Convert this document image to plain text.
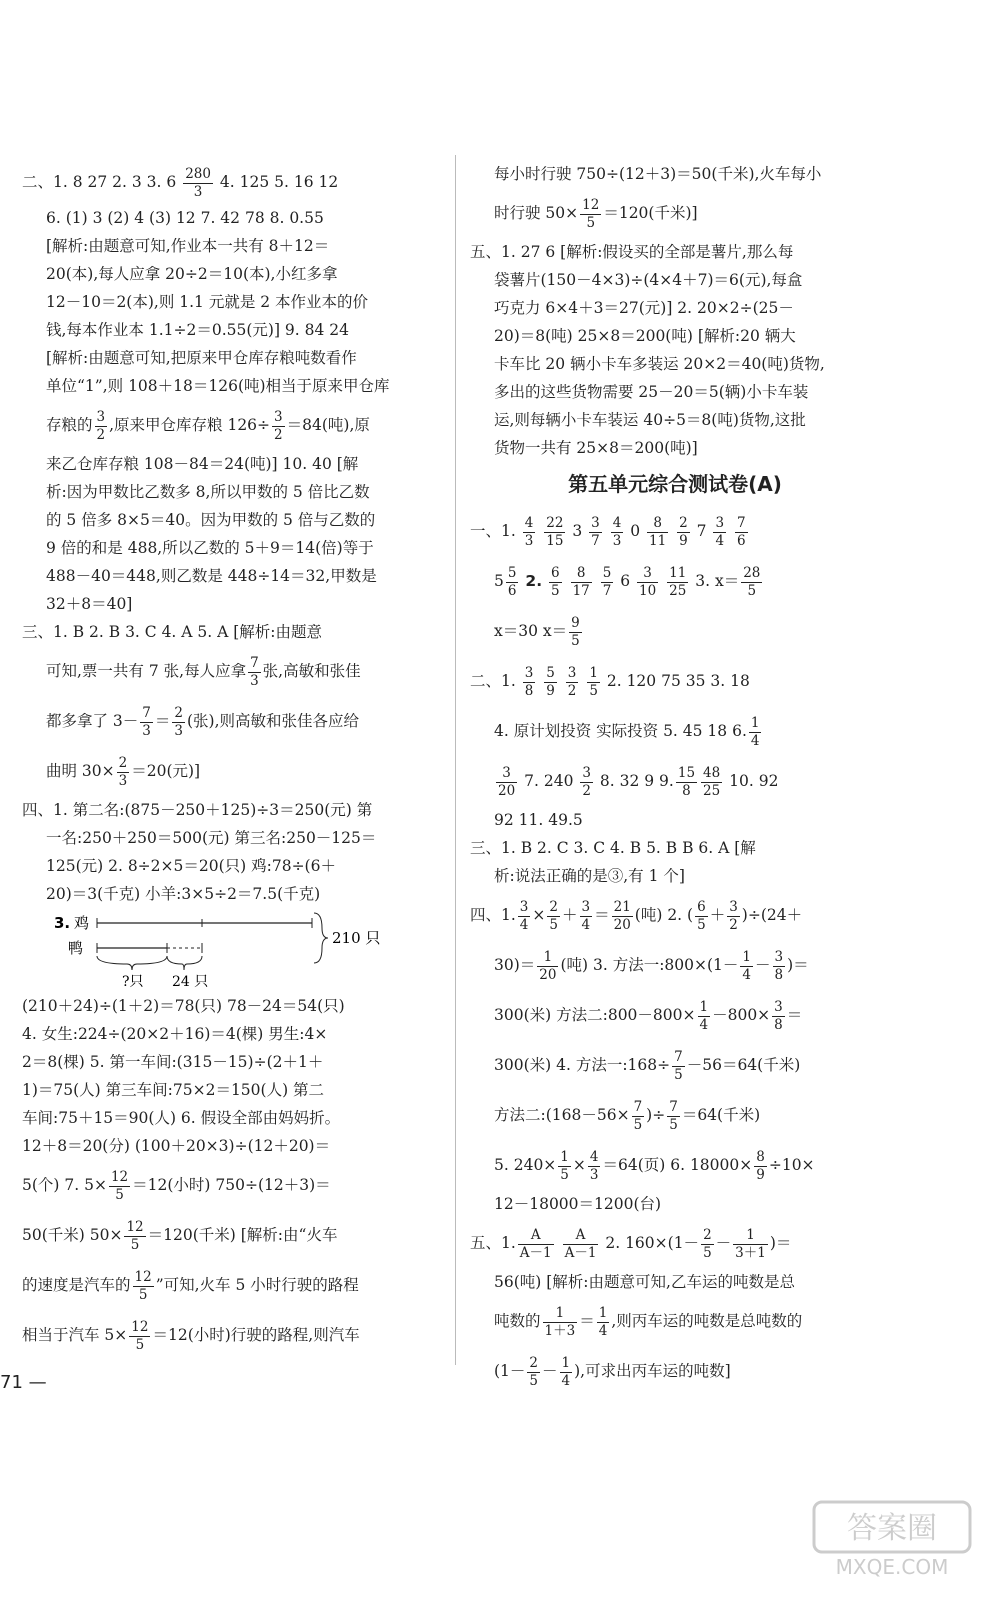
二、1. 8 27 2. 3 3. $6 \frac{280}{3} 4$. 125 5. 16 12
6. (1) 3 (2) 4 (3) 12 7. 42 78 8. 0.55
[解析:由题意可知,作业本一共有 8＋12＝
20(本),每人应拿 20÷2＝10(本),小红多拿
12－10＝2(本),则 1.1 元就是 2 本作业本的价
钱,每本作业本 1.1÷2＝0.55(元)] 9. 84 24
[解析:由题意可知,把原来甲仓库存粮吨数看作
单位“1”,则 108＋18＝126(吨)相当于原来甲仓库
存粮的 $\frac{3}{2}$ ,原来甲仓库存粮 $126\div \frac{3}{2} =84$(吨),原
来乙仓库存粮 108－84＝24(吨)] 10. 40 [解
析:因为甲数比乙数多 8,所以甲数的 5 倍比乙数
的 5 倍多 8×5＝40。因为甲数的 5 倍与乙数的
9 倍的和是 488,所以乙数的 5＋9＝14(倍)等于
488－40＝448,则乙数是 448÷14＝32,甲数是
32＋8＝40]
三、1. B 2. B 3. C 4. A 5. A [解析:由题意
可知,票一共有 7 张,每人应拿 $\frac{7}{3}$ 张,高敏和张佳
都多拿了 $3- \frac{7}{3} = \frac{2}{3}$ (张),则高敏和张佳各应给
曲明 $30\times \frac{2}{3} =20$(元)]
四、1. 第二名:(875－250＋125)÷3＝250(元) 第
一名:250＋250＝500(元) 第三名:250－125＝
125(元) 2. 8÷2×5＝20(只) 鸡:78÷(6＋
20)＝3(千克) 小羊:3×5÷2＝7.5(千克)
3. 鸡
210 只
鸭
?只 24 只
(210＋24)÷(1＋2)＝78(只) 78－24＝54(只)
4. 女生:224÷(20×2＋16)＝4(棵) 男生:4×
2＝8(棵) 5. 第一车间:(315－15)÷(2＋1＋
1)＝75(人) 第三车间:75×2＝150(人) 第二
车间:75＋15＝90(人) 6. 假设全部由妈妈折。
12＋8＝20(分) (100＋20×3)÷(12＋20)＝
5(个) 7. $5\times \frac{12}{5} =12$(小时) 750÷(12＋3)＝
50(千米) $50\times \frac{12}{5} =120$(千米) [解析:由“火车
的速度是汽车的 $\frac{12}{5}$ ”可知,火车 5 小时行驶的路程
相当于汽车 $5\times \frac{12}{5} =12$(小时)行驶的路程,则汽车
每小时行驶 750÷(12＋3)＝50(千米),火车每小
时行驶 $50\times \frac{12}{5} =120$(千米)]
五、1. 27 6 [解析:假设买的全部是薯片,那么每
袋薯片(150－4×3)÷(4×4＋7)＝6(元),每盒
巧克力 6×4＋3＝27(元)] 2. 20×2÷(25－
20)＝8(吨) 25×8＝200(吨) [解析:20 辆大
卡车比 20 辆小卡车多装运 20×2＝40(吨)货物,
多出的这些货物需要 25－20＝5(辆)小卡车装
运,则每辆小卡车装运 40÷5＝8(吨)货物,这批
货物一共有 25×8＝200(吨)]
第五单元综合测试卷(A)
一、1. $\frac{4}{3}$
$\frac{22}{15} 3 \frac{3}{7}$
$\frac{4}{3} 0 \frac{8}{11}$
$\frac{2}{9} 7 \frac{3}{4}$
$\frac{7}{6}$
$5 \frac{5}{6} 2$. $\frac{6}{5}$
$\frac{8}{17}$
$\frac{5}{7} 6 \frac{3}{10}$
$\frac{11}{25} 3$. $x= \frac{28}{5}$
x＝30 $x= \frac{9}{5}$
二、1. $\frac{3}{8}$
$\frac{5}{9}$
$\frac{3}{2}$
$\frac{1}{5} 2$. 120 75 35 3. 18
4. 原计划投资 实际投资 5. 45 18 6. $\frac{1}{4}$
$\frac{3}{20} 7$. $240 \frac{3}{2} 8$. 32 9 9. $\frac{15}{8} \frac{48}{25} 10$. 92
92 11. 49.5
三、1. B 2. C 3. C 4. B 5. B B 6. A [解
析:说法正确的是③,有 1 个]
四、1. $\frac{3}{4} \times \frac{2}{5} + \frac{3}{4} = \frac{21}{20}$ (吨) 2. ( $\frac{6}{5} + \frac{3}{2} )\div(24+$
$30)= \frac{1}{20}$ (吨) 3. 方法一:800×(1－ $\frac{1}{4} - \frac{3}{8}$ )＝
300(米) 方法二:800－800× $\frac{1}{4} -800\times \frac{3}{8}$ ＝
300(米) 4. 方法一:168÷ $\frac{7}{5} -56=64$(千米)
方法二:(168－56× $\frac{7}{5}$ )÷ $\frac{7}{5} =64$(千米)
5. $240\times \frac{1}{5} \times \frac{4}{3} =64$(页) 6. $18000\times \frac{8}{9} \div 10\times$
12－18000＝1200(台)
五、1. $\frac{A}{A-1}$
$\frac{A}{A-1} 2$. $160\times(1- \frac{2}{5} - \frac{1}{3+1}$ )＝
56(吨) [解析:由题意可知,乙车运的吨数是总
吨数的 $\frac{1}{1+3} = \frac{1}{4}$ ,则丙车运的吨数是总吨数的
($1- \frac{2}{5} - \frac{1}{4}$ ),可求出丙车运的吨数]
71 —
答案圈
MXQE.COM
